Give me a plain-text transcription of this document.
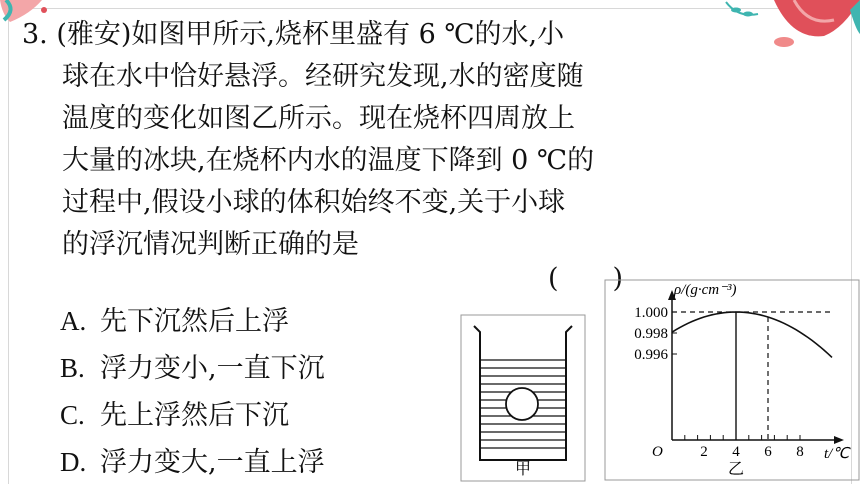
3. (雅安)如图甲所示,烧杯里盛有 6 ℃的水,小
球在水中恰好悬浮。经研究发现,水的密度随
温度的变化如图乙所示。现在烧杯四周放上
大量的冰块,在烧杯内水的温度下降到 0 ℃的
过程中,假设小球的体积始终不变,关于小球
的浮沉情况判断正确的是
(　　)
A. 先下沉然后上浮
B. 浮力变小,一直下沉
C. 先上浮然后下沉
D. 浮力变大,一直上浮	甲
ρ/(g·cm⁻³)
t/℃
O 2 4 6 8
1.000
0.998
0.996
乙
